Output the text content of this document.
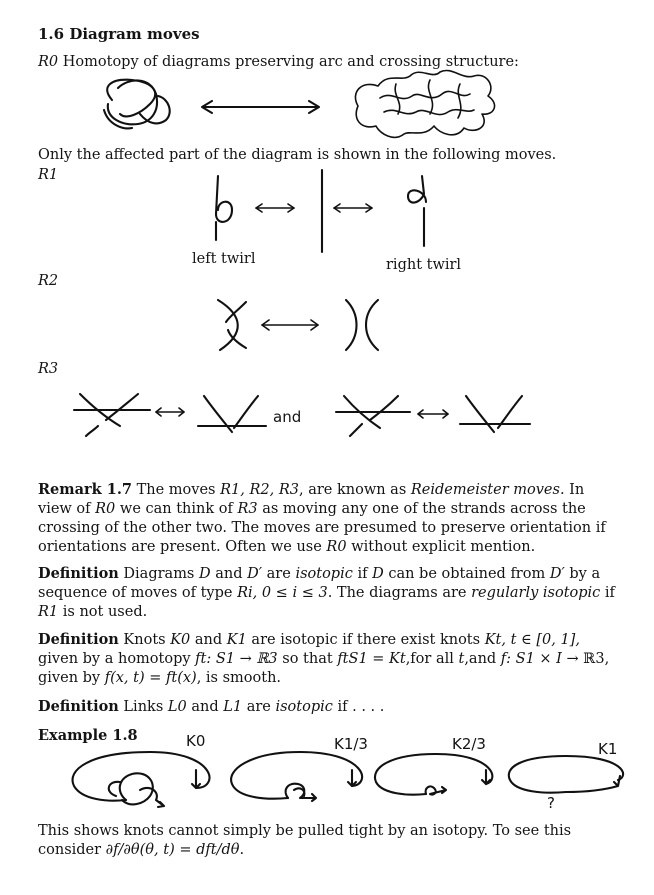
1.6 Diagram moves
R0 Homotopy of diagrams preserving arc and crossing structure:
Only the affected part of the diagram is shown in the following moves.
R1
left twirl	right twirl
R2
R3
and
Remark 1.7 The moves R1, R2, R3, are known as Reidemeister moves. In view of R0 we can think of R3 as moving any one of the strands across the crossing of the other two. The moves are presumed to preserve orientation if orientations are present. Often we use R0 without explicit mention.
Definition Diagrams D and D′ are isotopic if D can be obtained from D′ by a sequence of moves of type Ri, 0 ≤ i ≤ 3. The diagrams are regularly isotopic if R1 is not used.
Definition Knots K0 and K1 are isotopic if there exist knots Kt, t ∈ [0, 1], given by a homotopy ft: S1 → ℝ3 so that ftS1 = Kt,for all t,and f: S1 × I → ℝ3, given by f(x, t) = ft(x), is smooth.
Definition Links L0 and L1 are isotopic if . . . .
Example 1.8	K0	K1/3	K2/3	K1
?
This shows knots cannot simply be pulled tight by an isotopy. To see this consider ∂f/∂θ(θ, t) = dft/dθ.
